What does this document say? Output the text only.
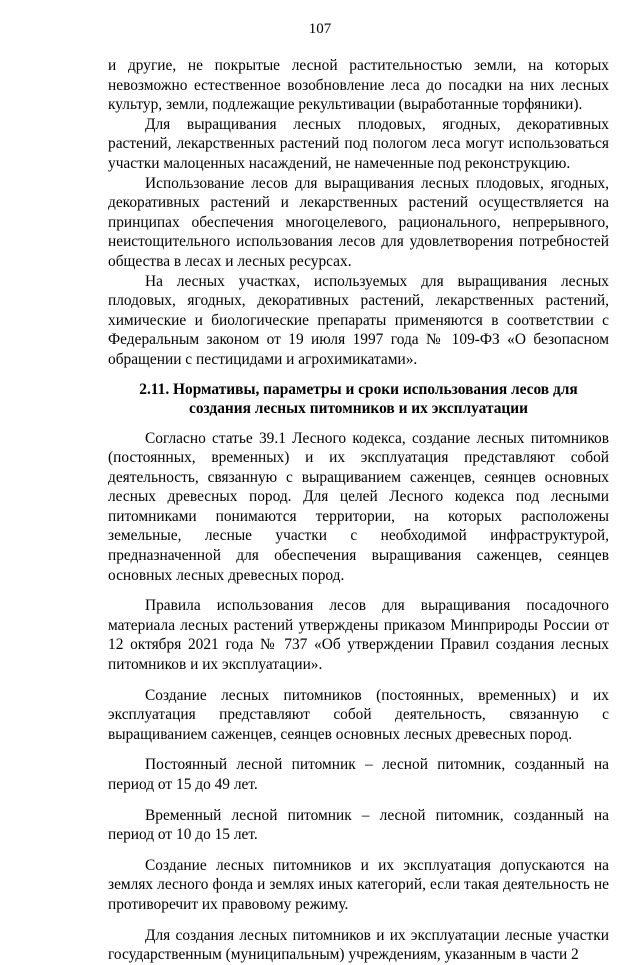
107

и другие, не покрытые лесной растительностью земли, на которых невозможно естественное возобновление леса до посадки на них лесных культур, земли, подлежащие рекультивации (выработанные торфяники).

Для выращивания лесных плодовых, ягодных, декоративных растений, лекарственных растений под пологом леса могут использоваться участки малоценных насаждений, не намеченные под реконструкцию.

Использование лесов для выращивания лесных плодовых, ягодных, декоративных растений и лекарственных растений осуществляется на принципах обеспечения многоцелевого, рационального, непрерывного, неистощительного использования лесов для удовлетворения потребностей общества в лесах и лесных ресурсах.

На лесных участках, используемых для выращивания лесных плодовых, ягодных, декоративных растений, лекарственных растений, химические и биологические препараты применяются в соответствии с Федеральным законом от 19 июля 1997 года № 109-ФЗ «О безопасном обращении с пестицидами и агрохимикатами».

2.11. Нормативы, параметры и сроки использования лесов для создания лесных питомников и их эксплуатации

Согласно статье 39.1 Лесного кодекса, создание лесных питомников (постоянных, временных) и их эксплуатация представляют собой деятельность, связанную с выращиванием саженцев, сеянцев основных лесных древесных пород. Для целей Лесного кодекса под лесными питомниками понимаются территории, на которых расположены земельные, лесные участки с необходимой инфраструктурой, предназначенной для обеспечения выращивания саженцев, сеянцев основных лесных древесных пород.

Правила использования лесов для выращивания посадочного материала лесных растений утверждены приказом Минприроды России от 12 октября 2021 года № 737 «Об утверждении Правил создания лесных питомников и их эксплуатации».

Создание лесных питомников (постоянных, временных) и их эксплуатация представляют собой деятельность, связанную с выращиванием саженцев, сеянцев основных лесных древесных пород.

Постоянный лесной питомник – лесной питомник, созданный на период от 15 до 49 лет.

Временный лесной питомник – лесной питомник, созданный на период от 10 до 15 лет.

Создание лесных питомников и их эксплуатация допускаются на землях лесного фонда и землях иных категорий, если такая деятельность не противоречит их правовому режиму.

Для создания лесных питомников и их эксплуатации лесные участки государственным (муниципальным) учреждениям, указанным в части 2
